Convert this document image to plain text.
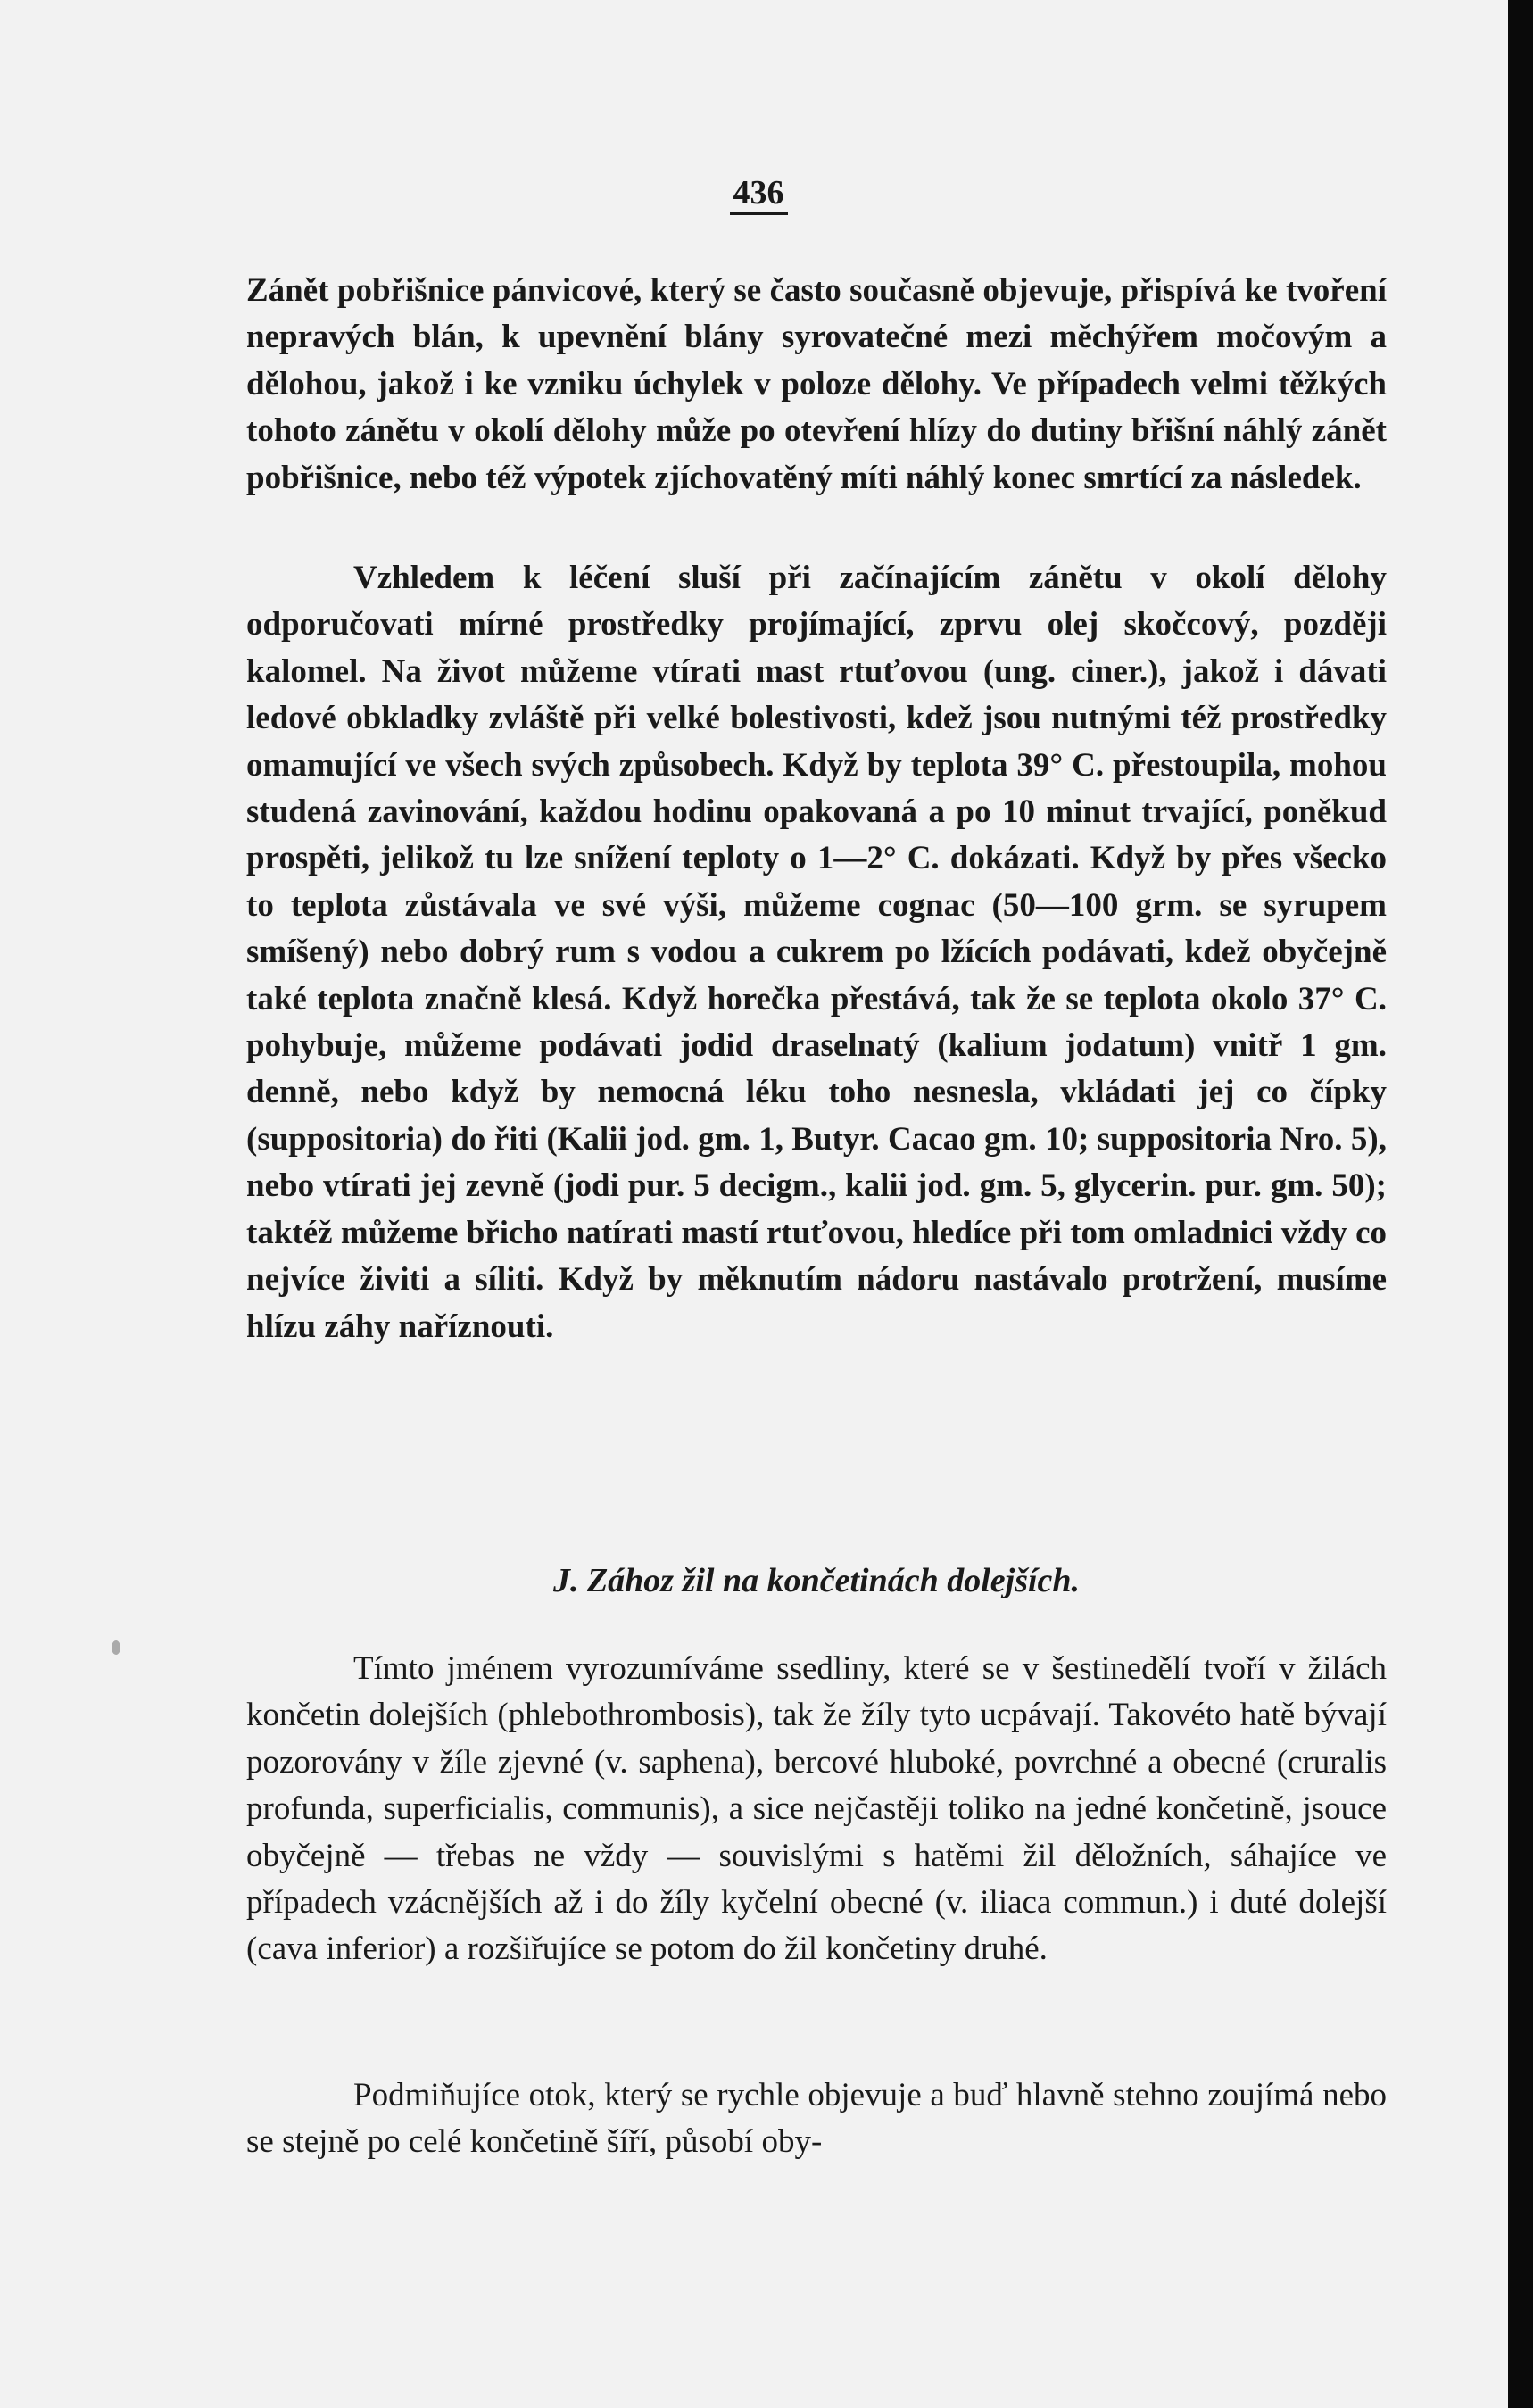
436

Zánět pobřišnice pánvicové, který se často současně objevuje, přispívá ke tvoření nepravých blán, k upevnění blány syrovatečné mezi měchýřem močovým a dělohou, jakož i ke vzniku úchylek v poloze dělohy. Ve případech velmi těžkých tohoto zánětu v okolí dělohy může po otevření hlízy do dutiny břišní náhlý zánět pobřišnice, nebo též výpotek zjíchovatěný míti náhlý konec smrtící za následek.

Vzhledem k léčení sluší při začínajícím zánětu v okolí dělohy odporučovati mírné prostředky projímající, zprvu olej skočcový, později kalomel. Na život můžeme vtírati mast rtuťovou (ung. ciner.), jakož i dávati ledové obkladky zvláště při velké bolestivosti, kdež jsou nutnými též prostředky omamující ve všech svých způsobech. Když by teplota 39° C. přestoupila, mohou studená zavinování, každou hodinu opakovaná a po 10 minut trvající, poněkud prospěti, jelikož tu lze snížení teploty o 1—2° C. dokázati. Když by přes všecko to teplota zůstávala ve své výši, můžeme cognac (50—100 grm. se syrupem smíšený) nebo dobrý rum s vodou a cukrem po lžících podávati, kdež obyčejně také teplota značně klesá. Když horečka přestává, tak že se teplota okolo 37° C. pohybuje, můžeme podávati jodid draselnatý (kalium jodatum) vnitř 1 gm. denně, nebo když by nemocná léku toho nesnesla, vkládati jej co čípky (suppositoria) do řiti (Kalii jod. gm. 1, Butyr. Cacao gm. 10; suppositoria Nro. 5), nebo vtírati jej zevně (jodi pur. 5 decigm., kalii jod. gm. 5, glycerin. pur. gm. 50); taktéž můžeme břicho natírati mastí rtuťovou, hledíce při tom omladnici vždy co nejvíce živiti a síliti. Když by měknutím nádoru nastávalo protržení, musíme hlízu záhy naříznouti.

J. Zához žil na končetinách dolejších.

Tímto jménem vyrozumíváme ssedliny, které se v šestinedělí tvoří v žilách končetin dolejších (phlebothrombosis), tak že žíly tyto ucpávají. Takovéto hatě bývají pozorovány v žíle zjevné (v. saphena), bercové hluboké, povrchné a obecné (cruralis profunda, superficialis, communis), a sice nejčastěji toliko na jedné končetině, jsouce obyčejně — třebas ne vždy — souvislými s hatěmi žil děložních, sáhajíce ve případech vzácnějších až i do žíly kyčelní obecné (v. iliaca commun.) i duté dolejší (cava inferior) a rozšiřujíce se potom do žil končetiny druhé.

Podmiňujíce otok, který se rychle objevuje a buď hlavně stehno zoujímá nebo se stejně po celé končetině šíří, působí oby-
